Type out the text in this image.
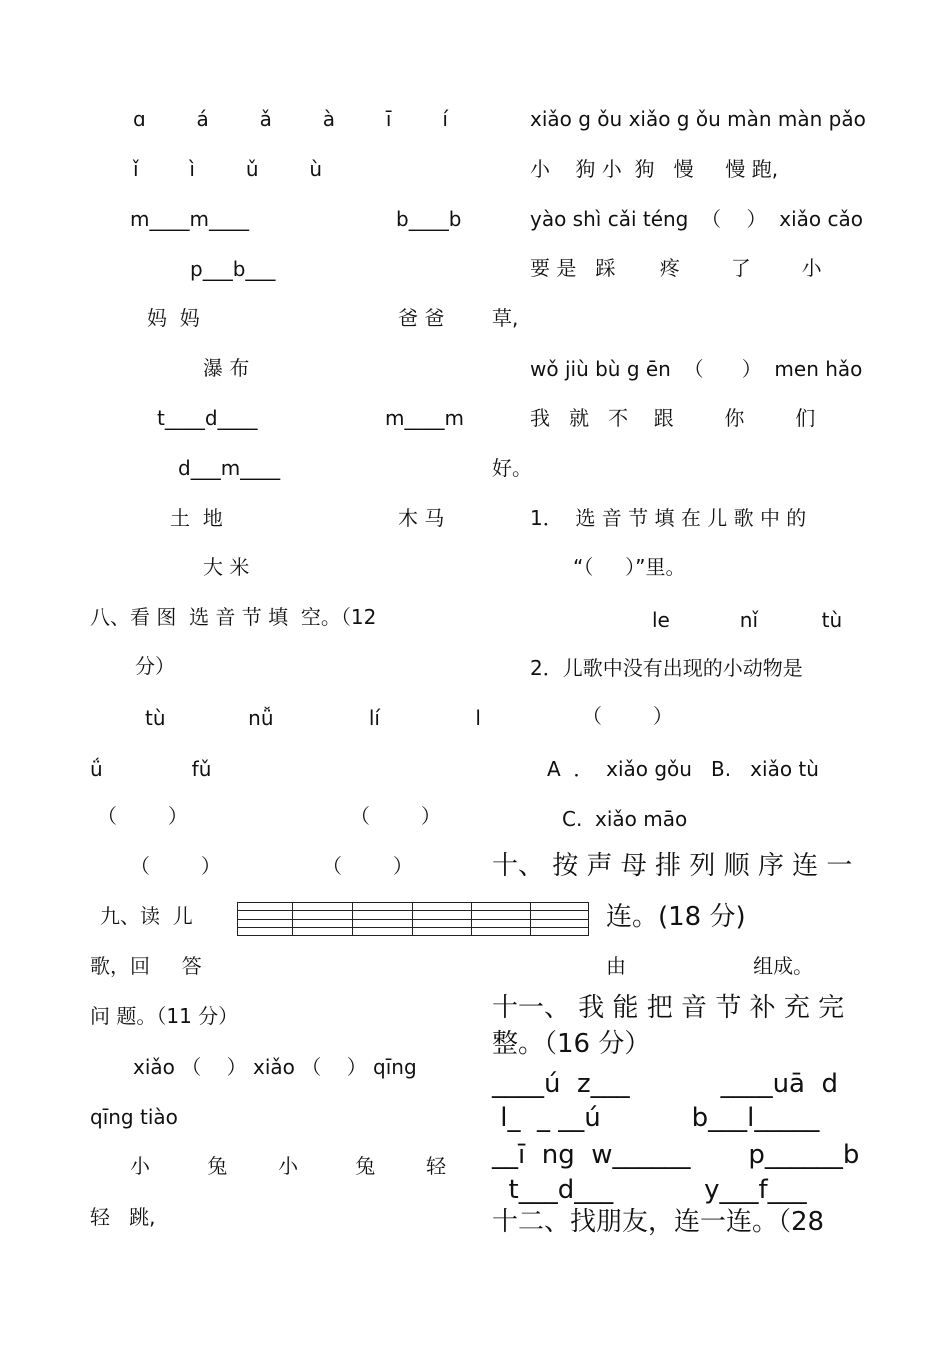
ɑ        á        ǎ        à        ī        í
ǐ        ì        ǔ        ù
m____m____	b____b
p___b___
妈  妈	爸 爸
瀑 布
t____d____	m____m
d___m____
土  地	木 马
大 米
八、看 图  选 音 节 填  空。（12
分）
tù             nǚ               lí               l
ǘ              fǔ
（        ）	（        ）
（        ）	（        ）
九、读  儿
歌，回     答
问 题。（11 分）
xiǎo （    ） xiǎo （    ） qīng
qīng tiào
小         兔        小         兔        轻
轻   跳,
xiǎo g ǒu xiǎo g ǒu màn màn pǎo
小    狗 小  狗   慢     慢 跑,
yào shì cǎi téng  （    ）  xiǎo cǎo
要 是   踩       疼        了        小
草,
wǒ jiù bù g ēn  （      ）  men hǎo
我   就   不    跟        你        们
好。
1．  选 音 节 填 在 儿 歌 中 的
“（     ）”里。
le           nǐ          tù
2．儿歌中没有出现的小动物是
（        ）
A  ．  xiǎo gǒu   B.   xiǎo tù
C.  xiǎo māo
十、 按 声 母 排 列 顺 序 连 一
连。(18 分)
由                    组成。
十一、 我 能 把 音 节 补 充 完
整。（16 分）
____ú  z___           ____uā  d
l_  _ __ú           b___l_____
__ī  ng  w______       p______b
t___d___           y___f___
十二、找朋友，连一连。（28
